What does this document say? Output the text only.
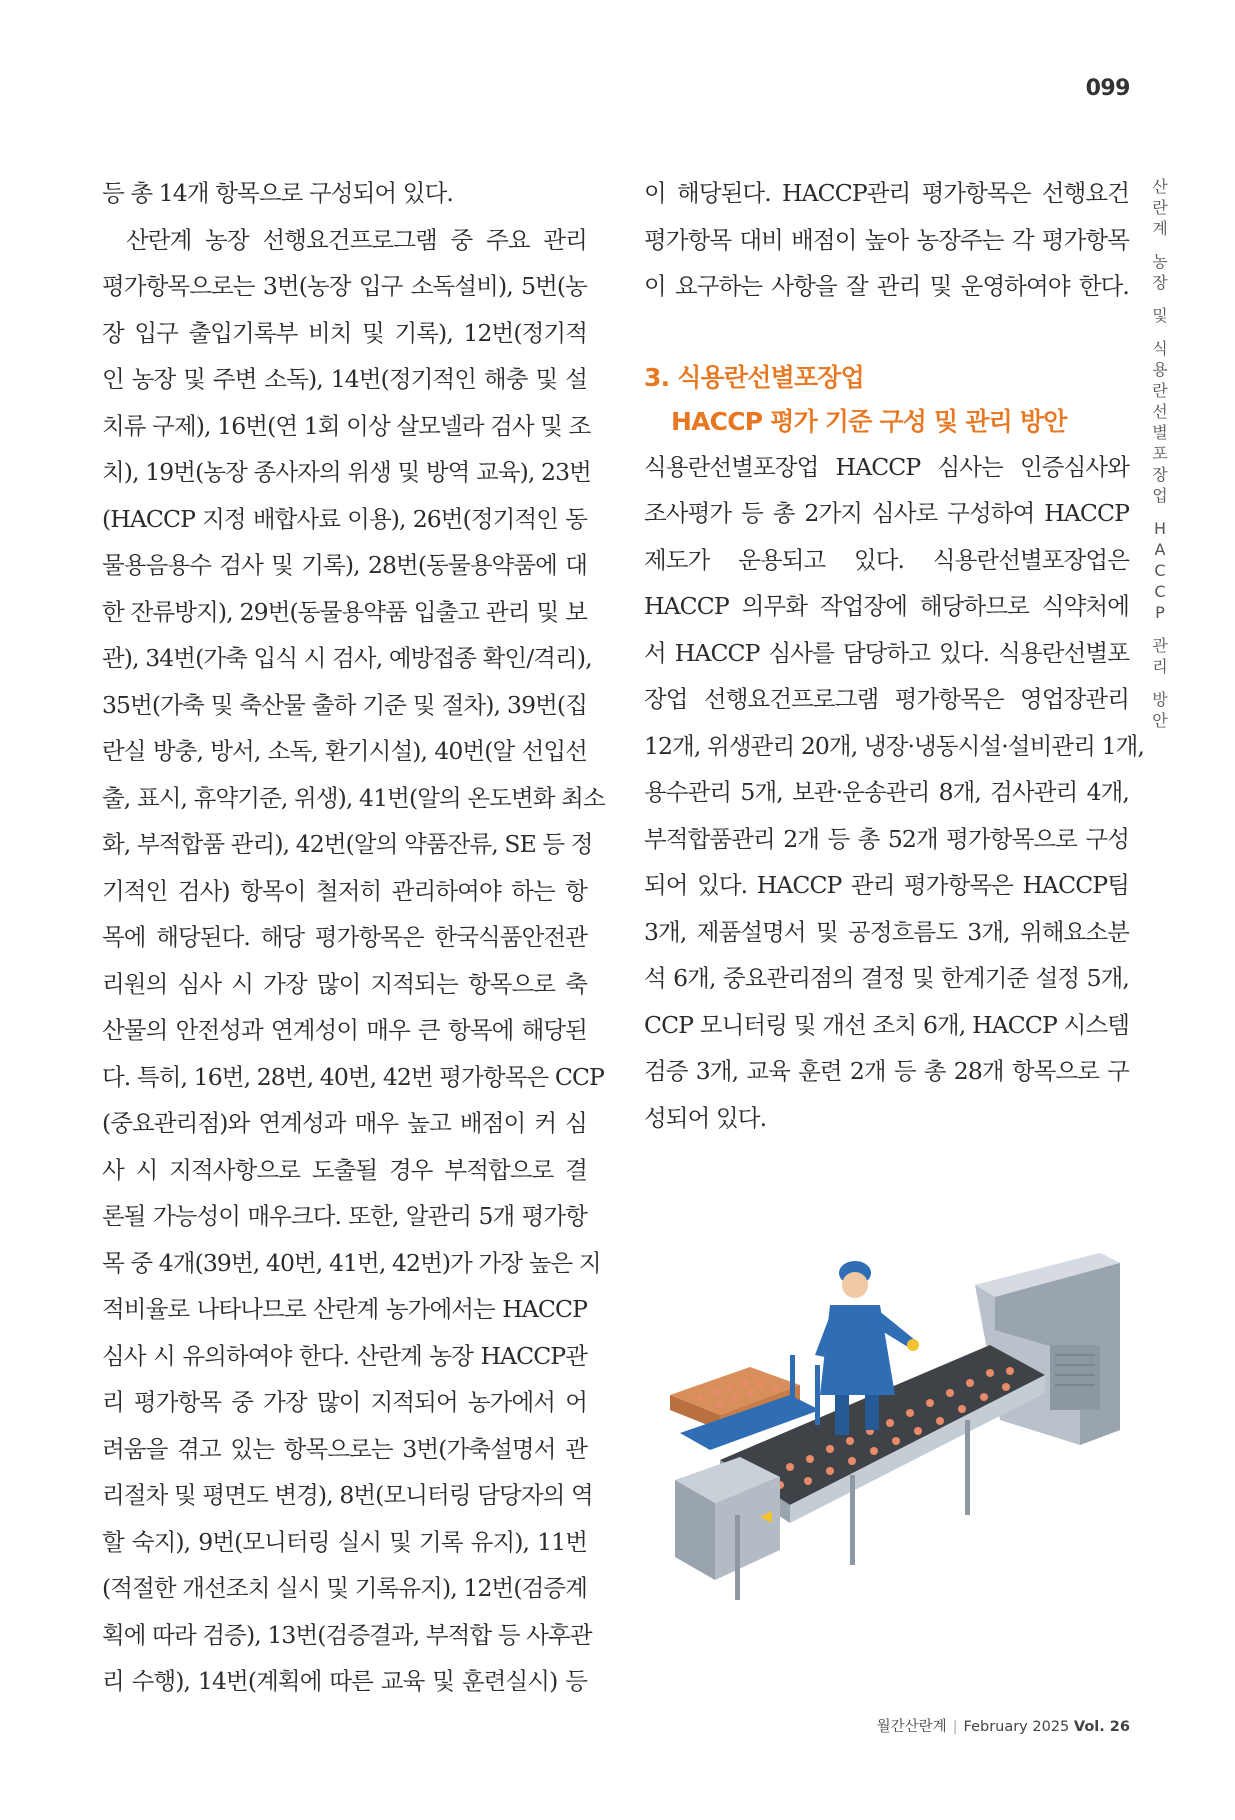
099
산
란
계
농
장
및
식
용
란
선
별
포
장
업
H
A
C
C
P
관
리
방
안
등 총 14개 항목으로 구성되어 있다.
산란계 농장 선행요건프로그램 중 주요 관리
평가항목으로는 3번(농장 입구 소독설비), 5번(농
장 입구 출입기록부 비치 및 기록), 12번(정기적
인 농장 및 주변 소독), 14번(정기적인 해충 및 설
치류 구제), 16번(연 1회 이상 살모넬라 검사 및 조
치), 19번(농장 종사자의 위생 및 방역 교육), 23번
(HACCP 지정 배합사료 이용), 26번(정기적인 동
물용음용수 검사 및 기록), 28번(동물용약품에 대
한 잔류방지), 29번(동물용약품 입출고 관리 및 보
관), 34번(가축 입식 시 검사, 예방접종 확인/격리),
35번(가축 및 축산물 출하 기준 및 절차), 39번(집
란실 방충, 방서, 소독, 환기시설), 40번(알 선입선
출, 표시, 휴약기준, 위생), 41번(알의 온도변화 최소
화, 부적합품 관리), 42번(알의 약품잔류, SE 등 정
기적인 검사) 항목이 철저히 관리하여야 하는 항
목에 해당된다. 해당 평가항목은 한국식품안전관
리원의 심사 시 가장 많이 지적되는 항목으로 축
산물의 안전성과 연계성이 매우 큰 항목에 해당된
다. 특히, 16번, 28번, 40번, 42번 평가항목은 CCP
(중요관리점)와 연계성과 매우 높고 배점이 커 심
사 시 지적사항으로 도출될 경우 부적합으로 결
론될 가능성이 매우크다. 또한, 알관리 5개 평가항
목 중 4개(39번, 40번, 41번, 42번)가 가장 높은 지
적비율로 나타나므로 산란계 농가에서는 HACCP
심사 시 유의하여야 한다. 산란계 농장 HACCP관
리 평가항목 중 가장 많이 지적되어 농가에서 어
려움을 겪고 있는 항목으로는 3번(가축설명서 관
리절차 및 평면도 변경), 8번(모니터링 담당자의 역
할 숙지), 9번(모니터링 실시 및 기록 유지), 11번
(적절한 개선조치 실시 및 기록유지), 12번(검증계
획에 따라 검증), 13번(검증결과, 부적합 등 사후관
리 수행), 14번(계획에 따른 교육 및 훈련실시) 등
이 해당된다. HACCP관리 평가항목은 선행요건
평가항목 대비 배점이 높아 농장주는 각 평가항목
이 요구하는 사항을 잘 관리 및 운영하여야 한다.
3. 식용란선별포장업
HACCP 평가 기준 구성 및 관리 방안
식용란선별포장업 HACCP 심사는 인증심사와
조사평가 등 총 2가지 심사로 구성하여 HACCP
제도가 운용되고 있다. 식용란선별포장업은
HACCP 의무화 작업장에 해당하므로 식약처에
서 HACCP 심사를 담당하고 있다. 식용란선별포
장업 선행요건프로그램 평가항목은 영업장관리
12개, 위생관리 20개, 냉장·냉동시설·설비관리 1개,
용수관리 5개, 보관·운송관리 8개, 검사관리 4개,
부적합품관리 2개 등 총 52개 평가항목으로 구성
되어 있다. HACCP 관리 평가항목은 HACCP팀
3개, 제품설명서 및 공정흐름도 3개, 위해요소분
석 6개, 중요관리점의 결정 및 한계기준 설정 5개,
CCP 모니터링 및 개선 조치 6개, HACCP 시스템
검증 3개, 교육 훈련 2개 등 총 28개 항목으로 구
성되어 있다.
월간산란계 | February 2025 Vol. 26
